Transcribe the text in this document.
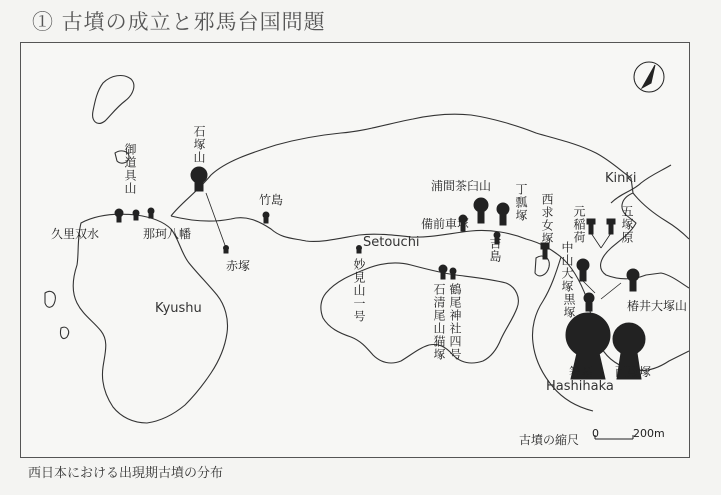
① 古墳の成立と邪馬台国問題
Kinki
Setouchi
Kyushu
Hashihaka
久里双水
御道具山
那珂八幡
石塚山
竹島
赤塚	妙見山一号	石清尾山猫塚 鶴尾神社四号
備前車塚
浦間茶臼山
吉島
丁瓢塚 西求女塚 元稲荷	五塚原
中山大塚
黒塚	椿井大塚山
箸墓 西殿塚
古墳の縮尺 0	200m
西日本における出現期古墳の分布
